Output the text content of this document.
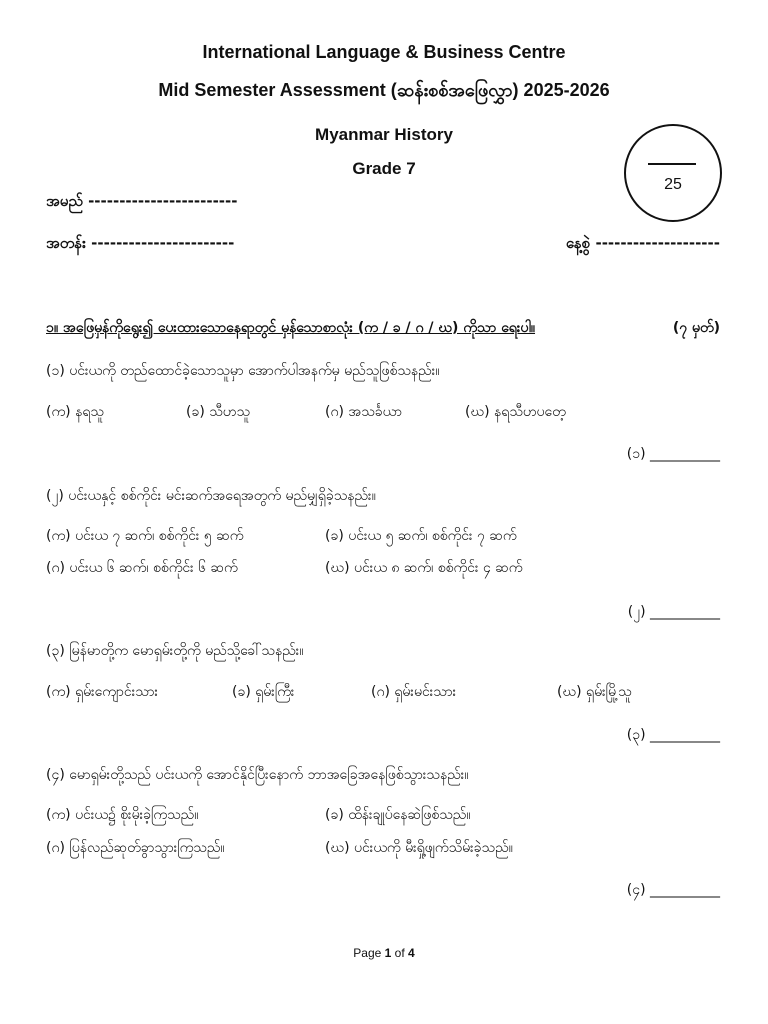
International Language & Business Centre
Mid Semester Assessment (ဆန်းစစ်အဖြေလွှာ) 2025-2026
Myanmar History
Grade 7
25
အမည် ------------------------
အတန်း -----------------------	နေ့စွဲ --------------------
၁။ အဖြေမှန်ကိုရွေး၍ ပေးထားသောနေရာတွင် မှန်သောစာလုံး (က / ခ / ဂ / ဃ) ကိုသာ ရေးပါ။	(၇ မှတ်)
(၁) ပင်းယကို တည်ထောင်ခဲ့သောသူမှာ အောက်ပါအနက်မှ မည်သူဖြစ်သနည်း။
(က) နရသူ	(ခ) သီဟသူ	(ဂ) အသင်္ခယာ	(ဃ) နရသီဟပတေ့
(၁) __________
(၂) ပင်းယနှင့် စစ်ကိုင်း မင်းဆက်အရေအတွက် မည်မျှရှိခဲ့သနည်း။
(က) ပင်းယ ၇ ဆက်၊ စစ်ကိုင်း ၅ ဆက်	(ခ) ပင်းယ ၅ ဆက်၊ စစ်ကိုင်း ၇ ဆက်
(ဂ) ပင်းယ ၆ ဆက်၊ စစ်ကိုင်း ၆ ဆက်	(ဃ) ပင်းယ ၈ ဆက်၊ စစ်ကိုင်း ၄ ဆက်
(၂) __________
(၃) မြန်မာတို့က မောရှမ်းတို့ကို မည်သို့ခေါ်သနည်း။
(က) ရှမ်းကျောင်းသား	(ခ) ရှမ်းကြီး	(ဂ) ရှမ်းမင်းသား	(ဃ) ရှမ်းမြို့သူ
(၃) __________
(၄) မောရှမ်းတို့သည် ပင်းယကို အောင်နိုင်ပြီးနောက် ဘာအခြေအနေဖြစ်သွားသနည်း။
(က) ပင်းယ၌ စိုးမိုးခဲ့ကြသည်။	(ခ) ထိန်းချုပ်နေဆဲဖြစ်သည်။
(ဂ) ပြန်လည်ဆုတ်ခွာသွားကြသည်။	(ဃ) ပင်းယကို မီးရှို့ဖျက်သိမ်းခဲ့သည်။
(၄) __________
Page 1 of 4
